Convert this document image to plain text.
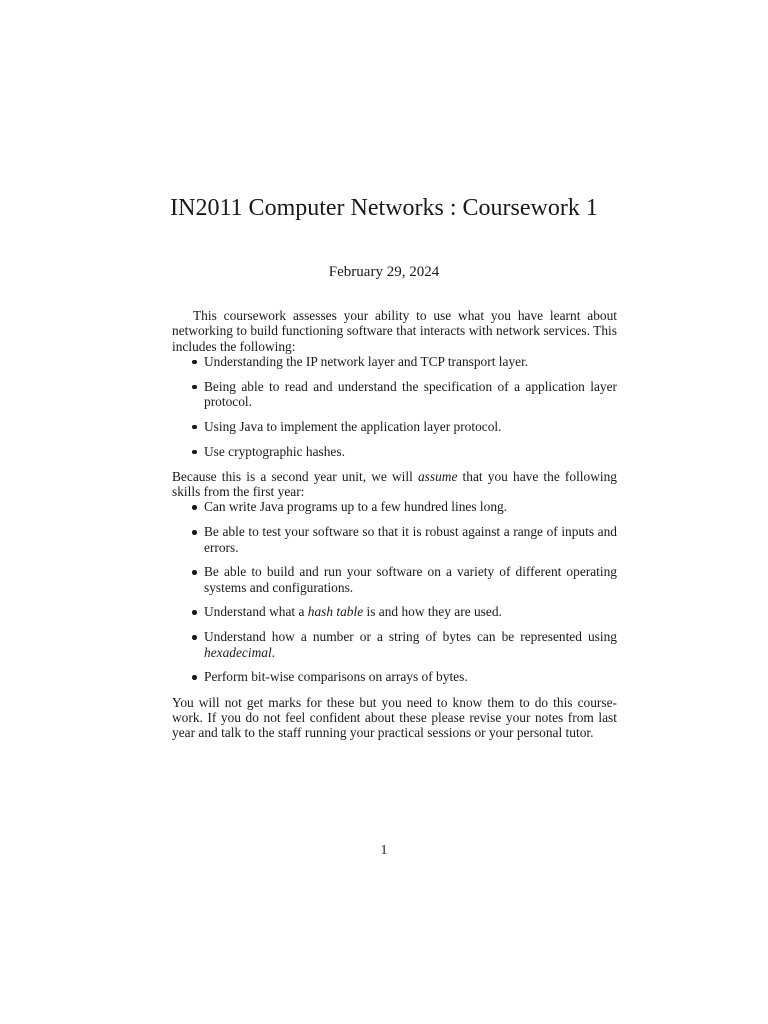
IN2011 Computer Networks : Coursework 1
February 29, 2024

This coursework assesses your ability to use what you have learnt about networking to build functioning software that interacts with network services. This includes the following:

Understanding the IP network layer and TCP transport layer.
Being able to read and understand the specification of a application layer protocol.
Using Java to implement the application layer protocol.
Use cryptographic hashes.

Because this is a second year unit, we will assume that you have the following skills from the first year:

Can write Java programs up to a few hundred lines long.
Be able to test your software so that it is robust against a range of inputs and errors.
Be able to build and run your software on a variety of different operating systems and configurations.
Understand what a hash table is and how they are used.
Understand how a number or a string of bytes can be represented using hexadecimal.
Perform bit-wise comparisons on arrays of bytes.

You will not get marks for these but you need to know them to do this course-work. If you do not feel confident about these please revise your notes from last year and talk to the staff running your practical sessions or your personal tutor.

1
